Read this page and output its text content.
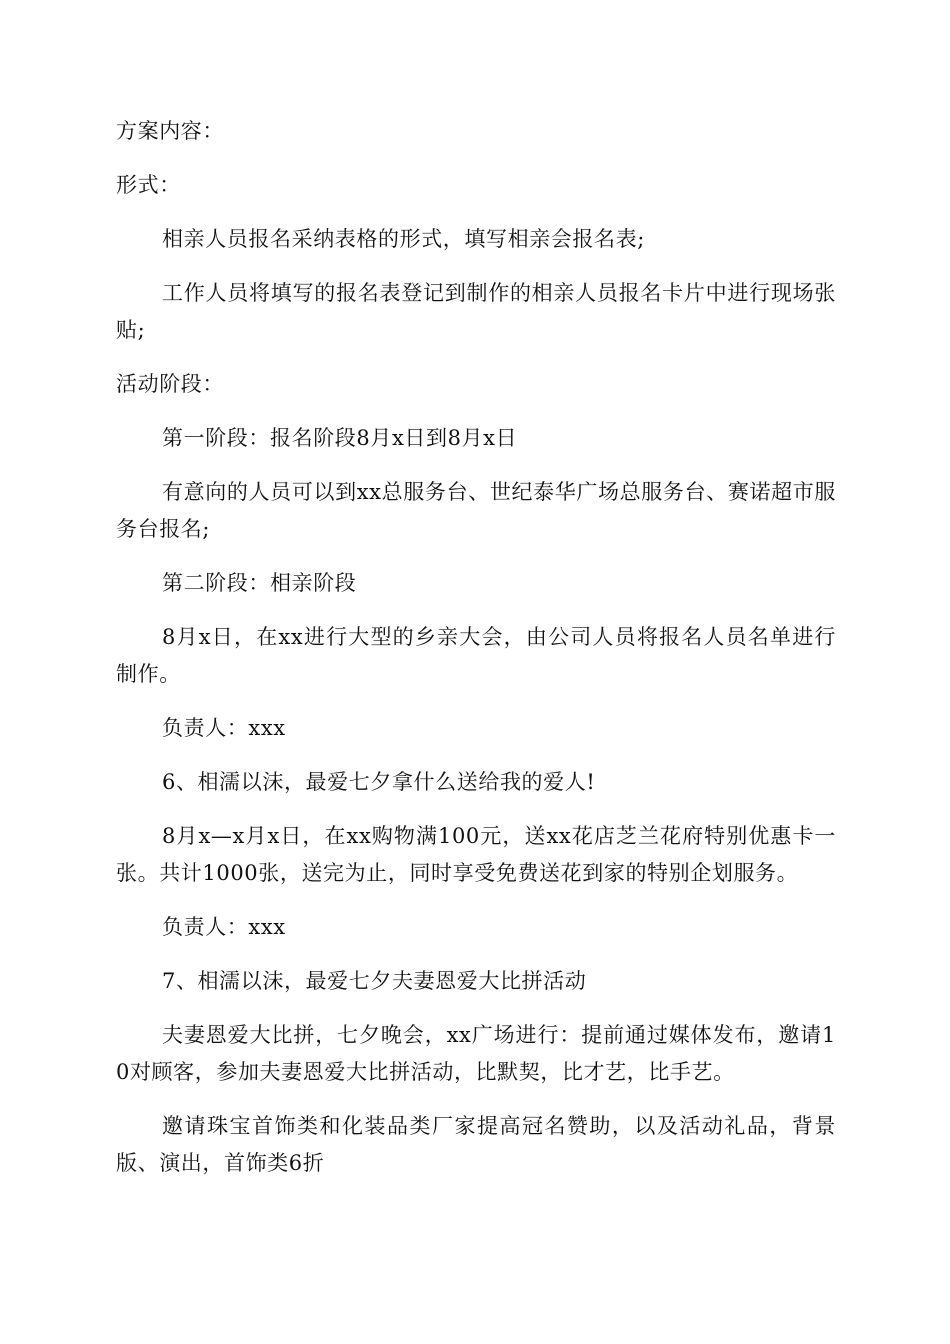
方案内容：

形式：

相亲人员报名采纳表格的形式，填写相亲会报名表;

工作人员将填写的报名表登记到制作的相亲人员报名卡片中进行现场张贴;

活动阶段：

第一阶段：报名阶段8月x日到8月x日

有意向的人员可以到xx总服务台、世纪泰华广场总服务台、赛诺超市服务台报名;

第二阶段：相亲阶段

8月x日，在xx进行大型的乡亲大会，由公司人员将报名人员名单进行制作。

负责人：xxx

6、相濡以沫，最爱七夕拿什么送给我的爱人!

8月x—x月x日，在xx购物满100元，送xx花店芝兰花府特别优惠卡一张。共计1000张，送完为止，同时享受免费送花到家的特别企划服务。

负责人：xxx

7、相濡以沫，最爱七夕夫妻恩爱大比拼活动

夫妻恩爱大比拼，七夕晚会，xx广场进行：提前通过媒体发布，邀请10对顾客，参加夫妻恩爱大比拼活动，比默契，比才艺，比手艺。

邀请珠宝首饰类和化装品类厂家提高冠名赞助，以及活动礼品，背景版、演出，首饰类6折
